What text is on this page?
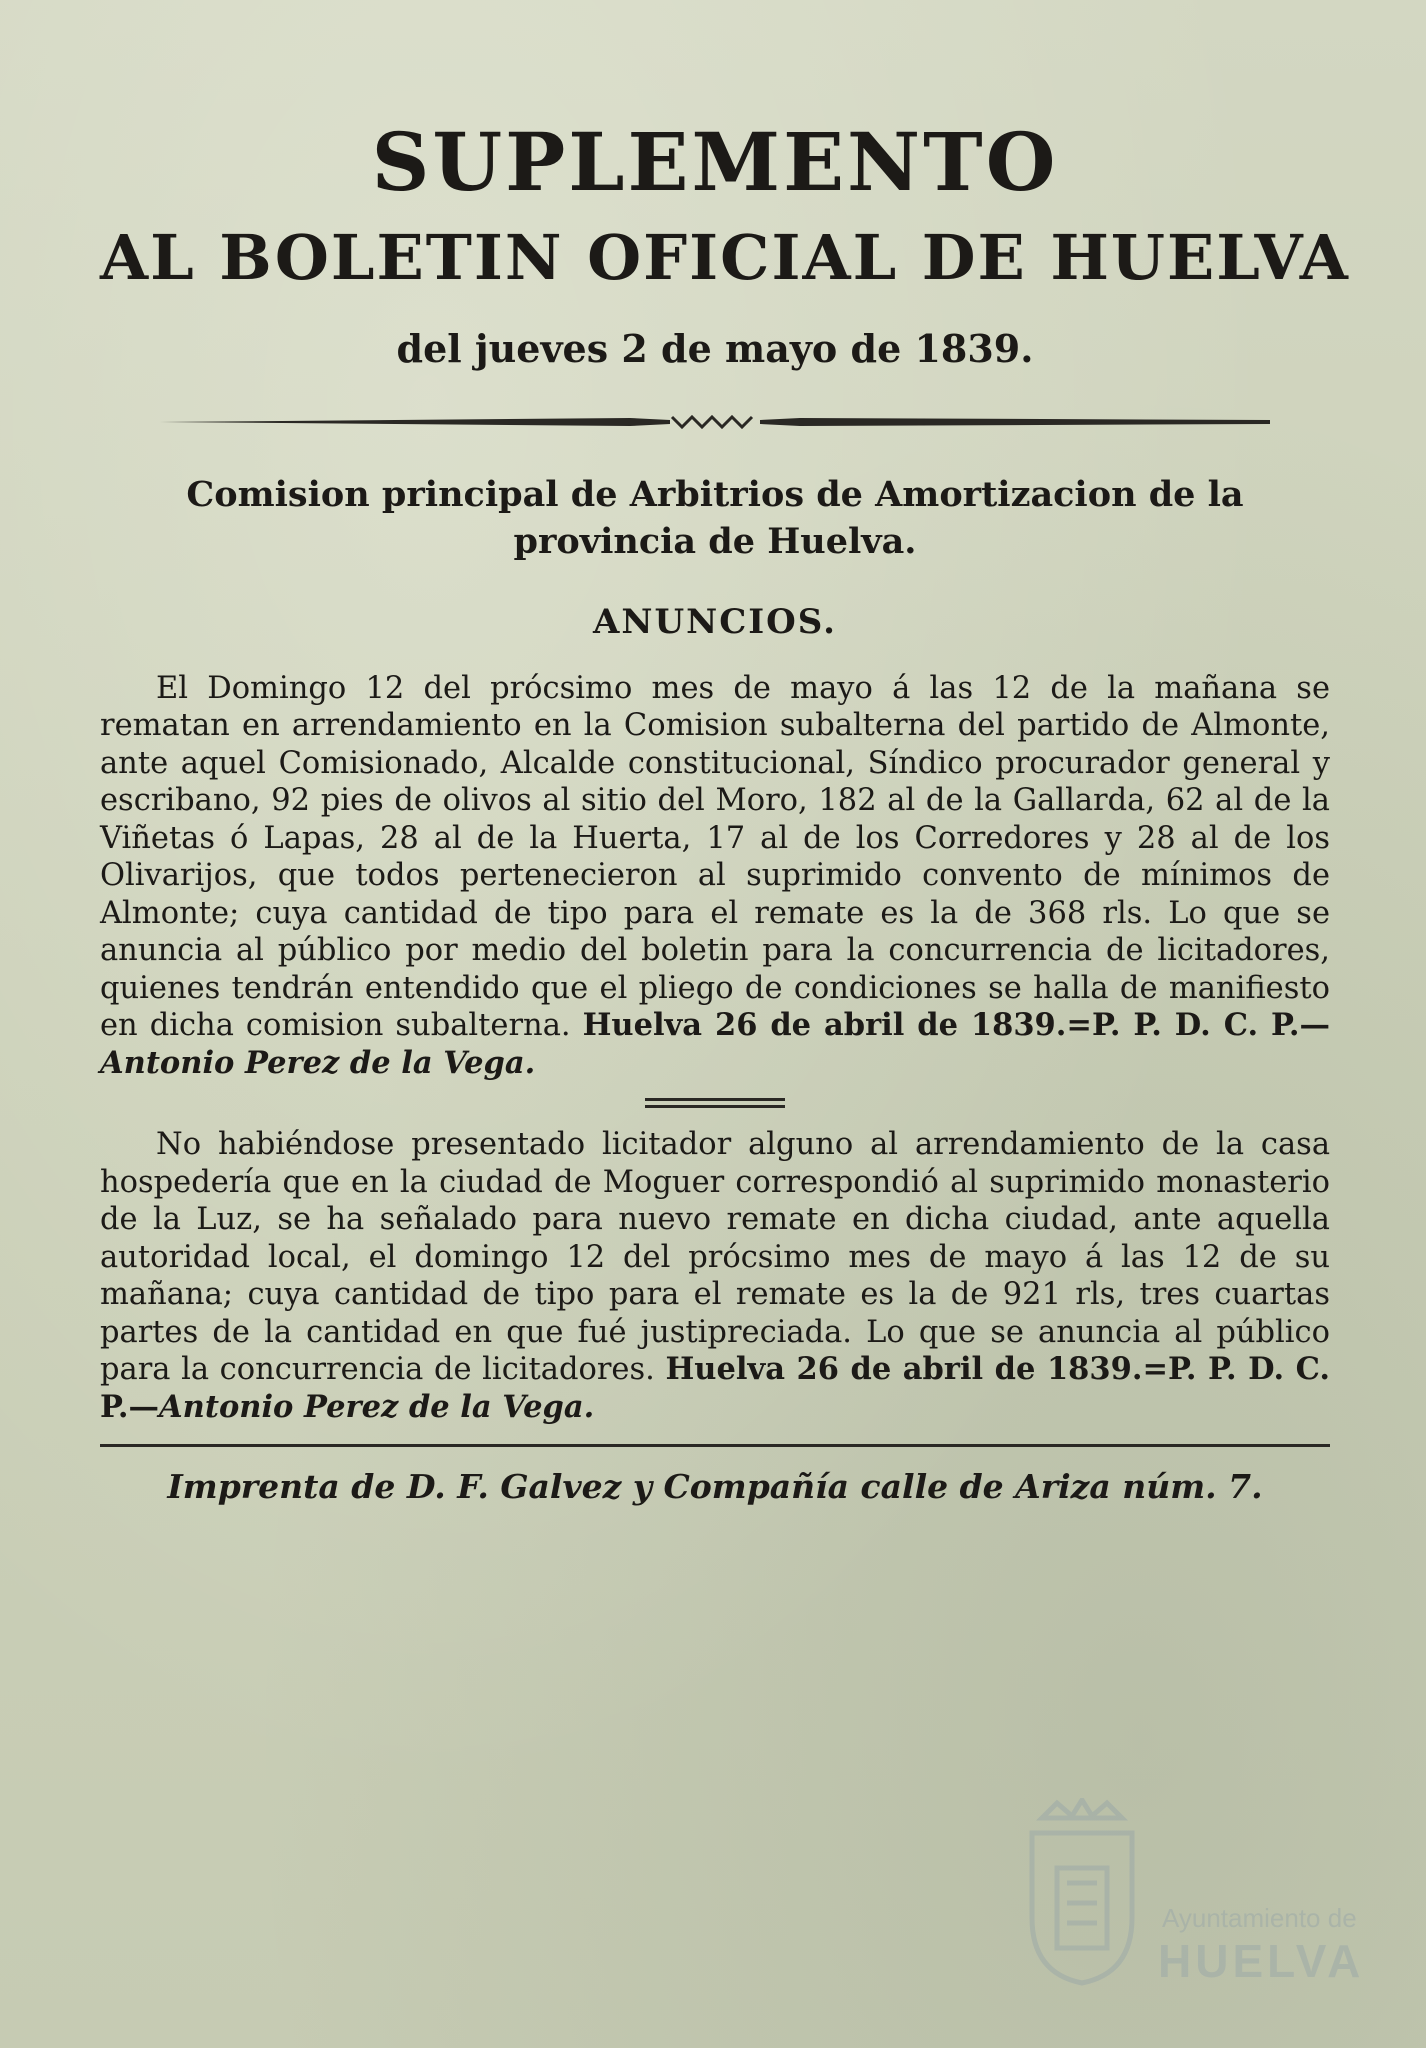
SUPLEMENTO
AL BOLETIN OFICIAL DE HUELVA
del jueves 2 de mayo de 1839.
Comision principal de Arbitrios de Amortizacion de la provincia de Huelva.
ANUNCIOS.

El Domingo 12 del prócsimo mes de mayo á las 12 de la mañana se rematan en arrendamiento en la Comision subalterna del partido de Almonte, ante aquel Comisionado, Alcalde constitucional, Síndico procurador general y escribano, 92 pies de olivos al sitio del Moro, 182 al de la Gallarda, 62 al de la Viñetas ó Lapas, 28 al de la Huerta, 17 al de los Corredores y 28 al de los Olivarijos, que todos pertenecieron al suprimido convento de mínimos de Almonte; cuya cantidad de tipo para el remate es la de 368 rls. Lo que se anuncia al público por medio del boletin para la concurrencia de licitadores, quienes tendrán entendido que el pliego de condiciones se halla de manifiesto en dicha comision subalterna. Huelva 26 de abril de 1839.=P. P. D. C. P.—Antonio Perez de la Vega.

No habiéndose presentado licitador alguno al arrendamiento de la casa hospedería que en la ciudad de Moguer correspondió al suprimido monasterio de la Luz, se ha señalado para nuevo remate en dicha ciudad, ante aquella autoridad local, el domingo 12 del prócsimo mes de mayo á las 12 de su mañana; cuya cantidad de tipo para el remate es la de 921 rls, tres cuartas partes de la cantidad en que fué justipreciada. Lo que se anuncia al público para la concurrencia de licitadores. Huelva 26 de abril de 1839.=P. P. D. C. P.—Antonio Perez de la Vega.

Imprenta de D. F. Galvez y Compañía calle de Ariza núm. 7.
Ayuntamiento de
HUELVA
